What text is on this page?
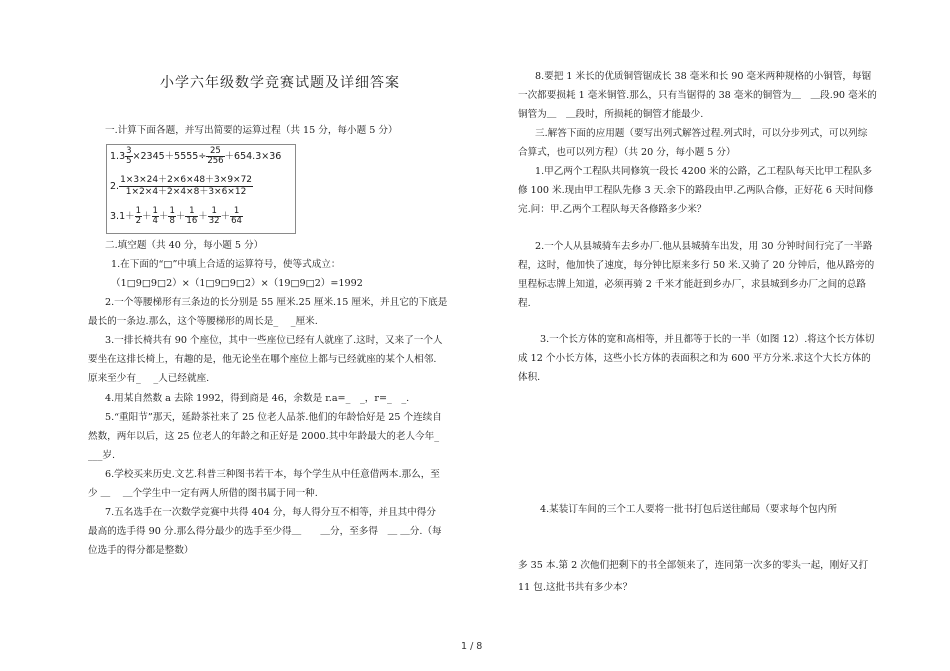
小学六年级数学竞赛试题及详细答案
一.计算下面各题，并写出简要的运算过程（共 15 分，每小题 5 分）
二.填空题（共 40 分，每小题 5 分）
1.在下面的“□”中填上合适的运算符号，使等式成立：
（1□9□9□2）×（1□9□9□2）×（19□9□2）=1992
2.一个等腰梯形有三条边的长分别是 55 厘米.25 厘米.15 厘米，并且它的下底是
最长的一条边.那么，这个等腰梯形的周长是_　 _厘米.
3.一排长椅共有 90 个座位，其中一些座位已经有人就座了.这时，又来了一个人
要坐在这排长椅上，有趣的是，他无论坐在哪个座位上都与已经就座的某个人相邻.
原来至少有_　 _人已经就座.
4.用某自然数 a 去除 1992，得到商是 46，余数是 r.a=_　_，r=_　_.
5.“重阳节”那天，延龄茶社来了 25 位老人品茶.他们的年龄恰好是 25 个连续自
然数，两年以后，这 25 位老人的年龄之和正好是 2000.其中年龄最大的老人今年_
___岁.
6.学校买来历史.文艺.科普三种图书若干本，每个学生从中任意借两本.那么，至
少 ＿　 ＿个学生中一定有两人所借的图书属于同一种.
7.五名选手在一次数学竞赛中共得 404 分，每人得分互不相等，并且其中得分
最高的选手得 90 分.那么得分最少的选手至少得＿　　＿分，至多得　＿ ＿分.（每
位选手的得分都是整数）
$1.3 \frac{3}{5} \times 2345+5555\div \frac{25}{256} +654.3\times 36$
2. $\frac{1\times 3\times 24+2\times 6\times 48+3\times 9\times 72}{1\times 2\times 4+2\times 4\times 8+3\times 6\times 12}$
$3.1+ \frac{1}{2} + \frac{1}{4} + \frac{1}{8} + \frac{1}{16} + \frac{1}{32} + \frac{1}{64}$
8.要把 1 米长的优质铜管锯成长 38 毫米和长 90 毫米两种规格的小铜管，每锯
一次都要损耗 1 毫米铜管.那么，只有当锯得的 38 毫米的铜管为＿　＿段.90 毫米的
铜管为＿　＿段时，所损耗的铜管才能最少.
三.解答下面的应用题（要写出列式解答过程.列式时，可以分步列式，可以列综
合算式，也可以列方程）（共 20 分，每小题 5 分）
1.甲乙两个工程队共同修筑一段长 4200 米的公路，乙工程队每天比甲工程队多
修 100 米.现由甲工程队先修 3 天.余下的路段由甲.乙两队合修，正好花 6 天时间修
完.问：甲.乙两个工程队每天各修路多少米？
2.一个人从县城骑车去乡办厂.他从县城骑车出发，用 30 分钟时间行完了一半路
程，这时，他加快了速度，每分钟比原来多行 50 米.又骑了 20 分钟后，他从路旁的
里程标志牌上知道，必须再骑 2 千米才能赶到乡办厂，求县城到乡办厂之间的总路
程.
3.一个长方体的宽和高相等，并且都等于长的一半（如图 12）.将这个长方体切
成 12 个小长方体，这些小长方体的表面积之和为 600 平方分米.求这个大长方体的
体积.
4.某装订车间的三个工人要将一批书打包后送往邮局（要求每个包内所
多 35 本.第 2 次他们把剩下的书全部领来了，连同第一次多的零头一起，刚好又打
11 包.这批书共有多少本？
1 / 8
